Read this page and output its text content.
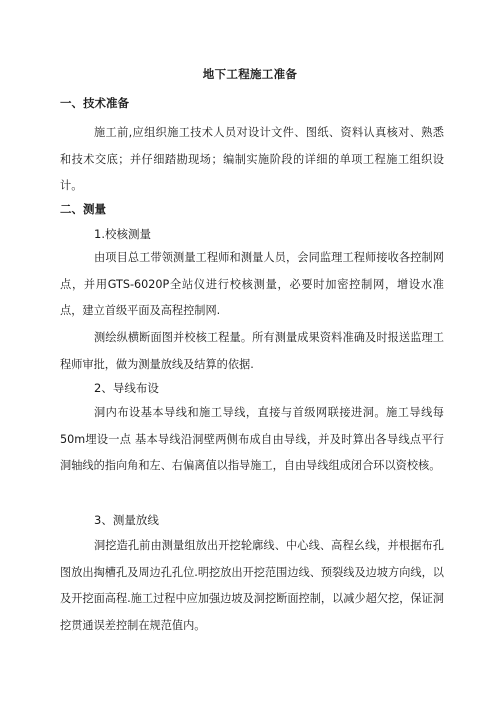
地下工程施工准备
一、技术准备

施工前,应组织施工技术人员对设计文件、图纸、资料认真核对、熟悉和技术交底；并仔细踏勘现场；编制实施阶段的详细的单项工程施工组织设计。

二、测量
1.校核测量

由项目总工带领测量工程师和测量人员，会同监理工程师接收各控制网点，并用GTS-6020P全站仪进行校核测量，必要时加密控制网，增设水准点，建立首级平面及高程控制网.

测绘纵横断面图并校核工程量。所有测量成果资料准确及时报送监理工程师审批，做为测量放线及结算的依据.

2、导线布设

洞内布设基本导线和施工导线，直接与首级网联接进洞。施工导线每50m埋设一点 基本导线沿洞壁两侧布成自由导线，并及时算出各导线点平行洞轴线的指向角和左、右偏离值以指导施工，自由导线组成闭合环以资校核。

3、测量放线

洞挖造孔前由测量组放出开挖轮廓线、中心线、高程幺线，并根据布孔图放出掏槽孔及周边孔孔位.明挖放出开挖范围边线、预裂线及边坡方向线，以及开挖面高程.施工过程中应加强边坡及洞挖断面控制，以减少超欠挖，保证洞挖贯通误差控制在规范值内。
